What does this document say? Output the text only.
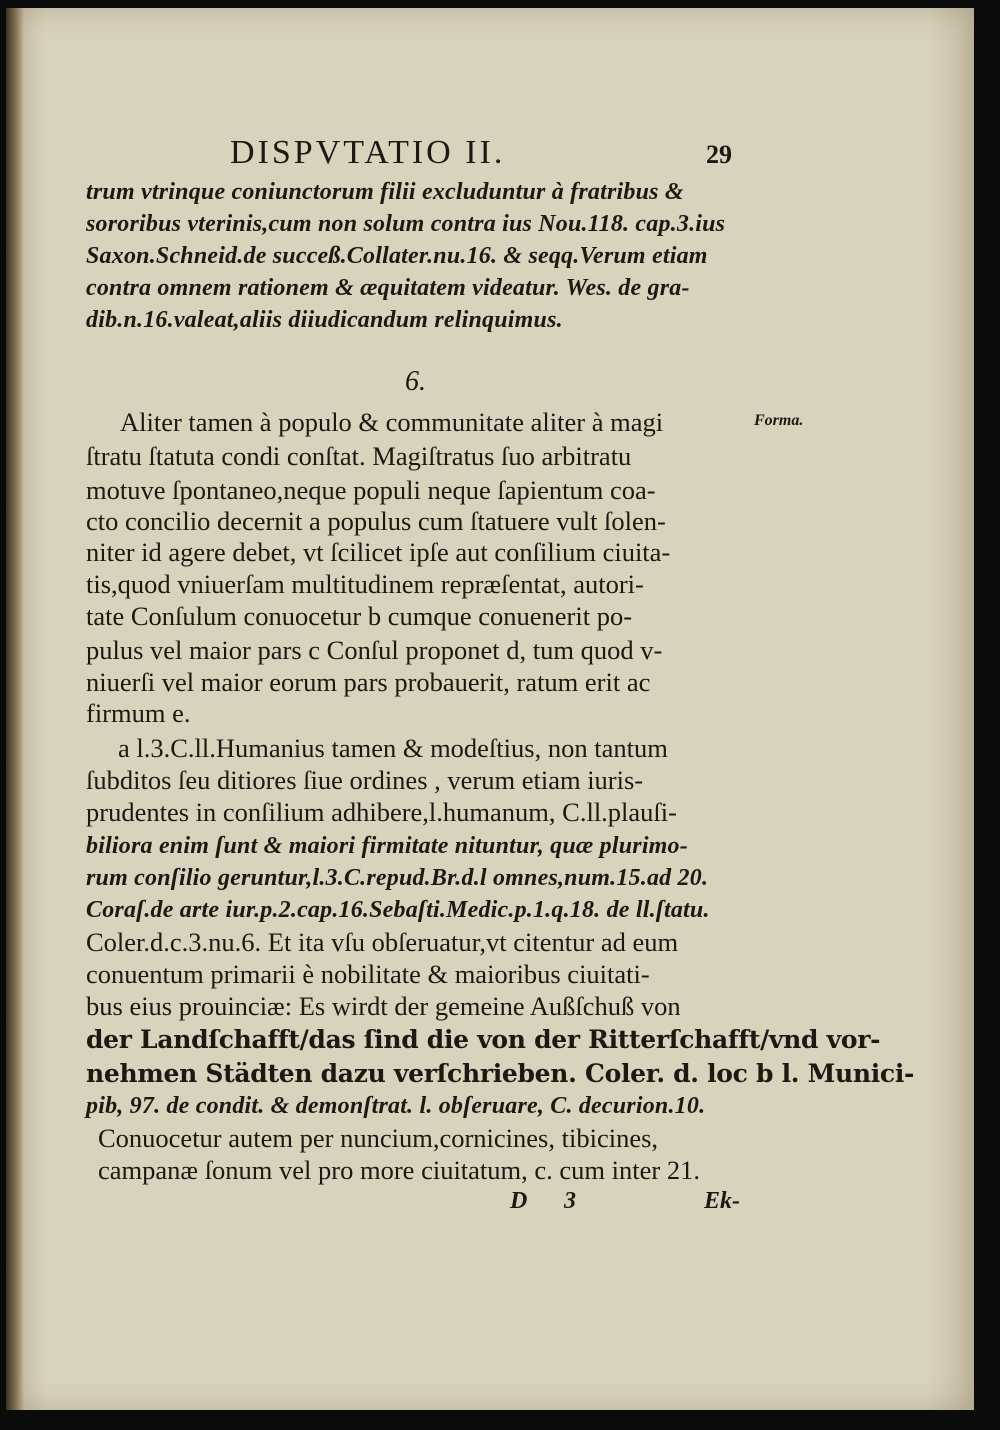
DISPVTATIO II.	29
trum vtrinque coniunctorum filii excluduntur à fratribus &
sororibus vterinis,cum non solum contra ius Nou.118. cap.3.ius
Saxon.Schneid.de succeß.Collater.nu.16. & seqq.Verum etiam
contra omnem rationem & æquitatem videatur. Wes. de gra-
dib.n.16.valeat,aliis diiudicandum relinquimus.
6.
Forma.
Aliter tamen à populo & communitate aliter à magi
ſtratu ſtatuta condi conſtat. Magiſtratus ſuo arbitratu
motuve ſpontaneo,neque populi neque ſapientum coa-
cto concilio decernit a populus cum ſtatuere vult ſolen-
niter id agere debet, vt ſcilicet ipſe aut conſilium ciuita-
tis,quod vniuerſam multitudinem repræſentat, autori-
tate Conſulum conuocetur b cumque conuenerit po-
pulus vel maior pars c Conſul proponet d, tum quod v-
niuerſi vel maior eorum pars probauerit, ratum erit ac
firmum e.
a l.3.C.ll.Humanius tamen & modeſtius, non tantum
ſubditos ſeu ditiores ſiue ordines , verum etiam iuris-
prudentes in conſilium adhibere,l.humanum, C.ll.plauſi-
biliora enim ſunt & maiori firmitate nituntur, quæ plurimo-
rum conſilio geruntur,l.3.C.repud.Br.d.l omnes,num.15.ad 20.
Coraſ.de arte iur.p.2.cap.16.Sebaſti.Medic.p.1.q.18. de ll.ſtatu.
Coler.d.c.3.nu.6. Et ita vſu obſeruatur,vt citentur ad eum
conuentum primarii è nobilitate & maioribus ciuitati-
bus eius prouinciæ: Es wirdt der gemeine Außſchuß von
der Landſchafft/das ſind die von der Ritterſchafft/vnd vor-
nehmen Städten dazu verſchrieben. Coler. d. loc b l. Munici-
pib, 97. de condit. & demonſtrat. l. obſeruare, C. decurion.10.
Conuocetur autem per nuncium,cornicines, tibicines,
campanæ ſonum vel pro more ciuitatum, c. cum inter 21.
D 3	Ek-
